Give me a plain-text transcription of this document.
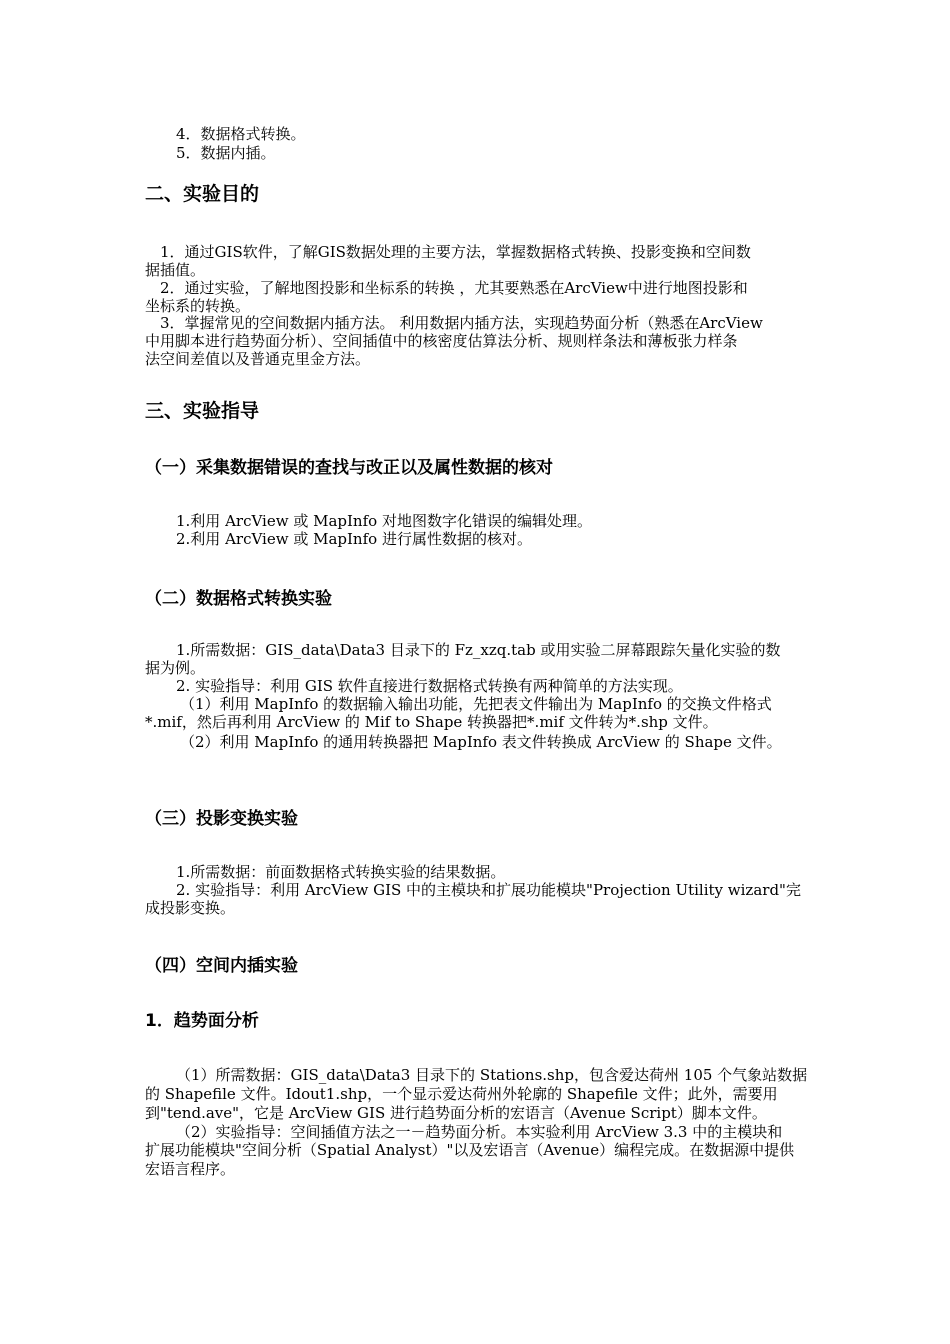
4．数据格式转换。
5．数据内插。
二、实验目的
1．通过GIS软件，了解GIS数据处理的主要方法，掌握数据格式转换、投影变换和空间数
据插值。
2．通过实验，了解地图投影和坐标系的转换 ，尤其要熟悉在ArcView中进行地图投影和
坐标系的转换。
3．掌握常见的空间数据内插方法。 利用数据内插方法，实现趋势面分析（熟悉在ArcView
中用脚本进行趋势面分析）、空间插值中的核密度估算法分析、规则样条法和薄板张力样条
法空间差值以及普通克里金方法。
三、实验指导
（一）采集数据错误的查找与改正以及属性数据的核对
1.利用 ArcView 或 MapInfo 对地图数字化错误的编辑处理。
2.利用 ArcView 或 MapInfo 进行属性数据的核对。
（二）数据格式转换实验
1.所需数据：GIS_data\Data3 目录下的 Fz_xzq.tab 或用实验二屏幕跟踪矢量化实验的数
据为例。
2. 实验指导：利用 GIS 软件直接进行数据格式转换有两种简单的方法实现。
（1）利用 MapInfo 的数据输入输出功能，先把表文件输出为 MapInfo 的交换文件格式
*.mif，然后再利用 ArcView 的 Mif to Shape 转换器把*.mif 文件转为*.shp 文件。
（2）利用 MapInfo 的通用转换器把 MapInfo 表文件转换成 ArcView 的 Shape 文件。
（三）投影变换实验
1.所需数据：前面数据格式转换实验的结果数据。
2. 实验指导：利用 ArcView GIS 中的主模块和扩展功能模块"Projection Utility wizard"完
成投影变换。
（四）空间内插实验
1．趋势面分析
（1）所需数据：GIS_data\Data3 目录下的 Stations.shp，包含爱达荷州 105 个气象站数据
的 Shapefile 文件。Idout1.shp，一个显示爱达荷州外轮廓的 Shapefile 文件；此外，需要用
到"tend.ave"，它是 ArcView GIS 进行趋势面分析的宏语言（Avenue Script）脚本文件。
（2）实验指导：空间插值方法之一－趋势面分析。本实验利用 ArcView 3.3 中的主模块和
扩展功能模块"空间分析（Spatial Analyst）"以及宏语言（Avenue）编程完成。在数据源中提供
宏语言程序。
